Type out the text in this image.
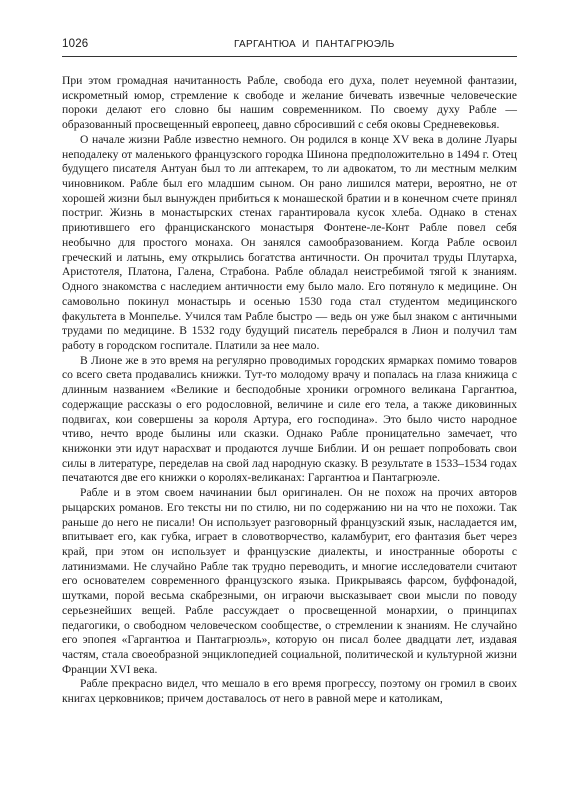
1026	ГАРГАНТЮА И ПАНТАГРЮЭЛЬ

При этом громадная начитанность Рабле, свобода его духа, полет неуемной фантазии, искрометный юмор, стремление к свободе и желание бичевать извечные человеческие пороки делают его словно бы нашим современником. По своему духу Рабле — образованный просвещенный европеец, давно сбросивший с себя оковы Средневековья.

О начале жизни Рабле известно немного. Он родился в конце XV века в долине Луары неподалеку от маленького французского городка Шинона предположительно в 1494 г. Отец будущего писателя Антуан был то ли аптекарем, то ли адвокатом, то ли местным мелким чиновником. Рабле был его младшим сыном. Он рано лишился матери, вероятно, не от хорошей жизни был вынужден прибиться к монашеской братии и в конечном счете принял постриг. Жизнь в монастырских стенах гарантировала кусок хлеба. Однако в стенах приютившего его францисканского монастыря Фонтене-ле-Конт Рабле повел себя необычно для простого монаха. Он занялся самообразованием. Когда Рабле освоил греческий и латынь, ему открылись богатства античности. Он прочитал труды Плутарха, Аристотеля, Платона, Галена, Страбона. Рабле обладал неистребимой тягой к знаниям. Одного знакомства с наследием античности ему было мало. Его потянуло к медицине. Он самовольно покинул монастырь и осенью 1530 года стал студентом медицинского факультета в Монпелье. Учился там Рабле быстро — ведь он уже был знаком с античными трудами по медицине. В 1532 году будущий писатель перебрался в Лион и получил там работу в городском госпитале. Платили за нее мало.

В Лионе же в это время на регулярно проводимых городских ярмарках помимо товаров со всего света продавались книжки. Тут-то молодому врачу и попалась на глаза книжица с длинным названием «Великие и бесподобные хроники огромного великана Гаргантюа, содержащие рассказы о его родословной, величине и силе его тела, а также диковинных подвигах, кои совершены за короля Артура, его господина». Это было чисто народное чтиво, нечто вроде былины или сказки. Однако Рабле проницательно замечает, что книжонки эти идут нарасхват и продаются лучше Библии. И он решает попробовать свои силы в литературе, переделав на свой лад народную сказку. В результате в 1533–1534 годах печатаются две его книжки о королях-великанах: Гаргантюа и Пантагрюэле.

Рабле и в этом своем начинании был оригинален. Он не похож на прочих авторов рыцарских романов. Его тексты ни по стилю, ни по содержанию ни на что не похожи. Так раньше до него не писали! Он использует разговорный французский язык, насладается им, впитывает его, как губка, играет в словотворчество, каламбурит, его фантазия бьет через край, при этом он использует и французские диалекты, и иностранные обороты с латинизмами. Не случайно Рабле так трудно переводить, и многие исследователи считают его основателем современного французского языка. Прикрываясь фарсом, буффонадой, шутками, порой весьма скабрезными, он играючи высказывает свои мысли по поводу серьезнейших вещей. Рабле рассуждает о просвещенной монархии, о принципах педагогики, о свободном человеческом сообществе, о стремлении к знаниям. Не случайно его эпопея «Гаргантюа и Пантагрюэль», которую он писал более двадцати лет, издавая частям, стала своеобразной энциклопедией социальной, политической и культурной жизни Франции XVI века.

Рабле прекрасно видел, что мешало в его время прогрессу, поэтому он громил в своих книгах церковников; причем доставалось от него в равной мере и католикам,
